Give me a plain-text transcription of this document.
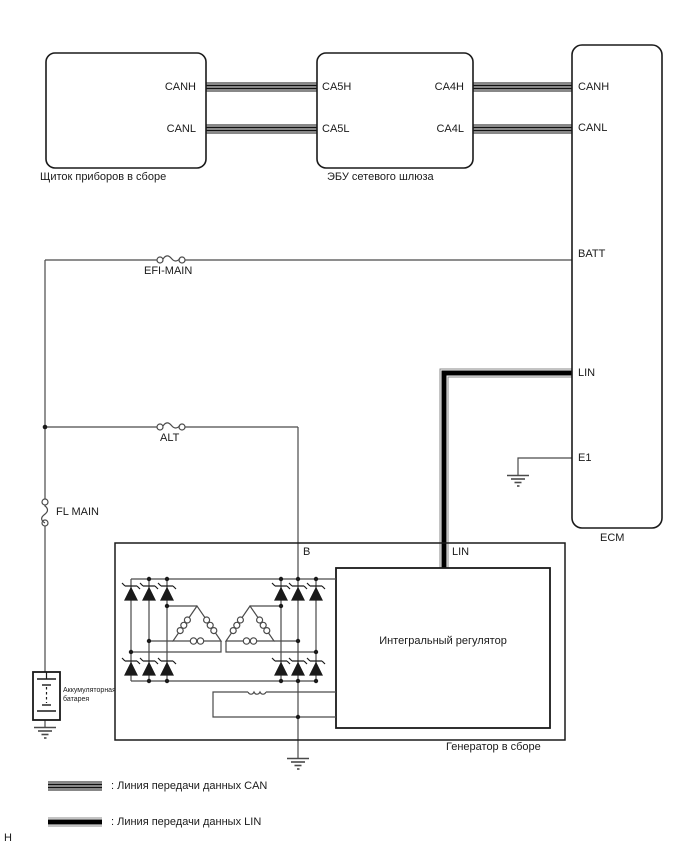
CANH
CANL
Щиток приборов в сборе
CA5H
CA5L
CA4H
CA4L
ЭБУ сетевого шлюза
CANH
CANL
BATT
LIN
E1
ECM
EFI-MAIN
ALT
FL MAIN
B	LIN
Интегральный регулятор
Генератор в сборе
Аккумуляторная
батарея
: Линия передачи данных CAN
: Линия передачи данных LIN
H
